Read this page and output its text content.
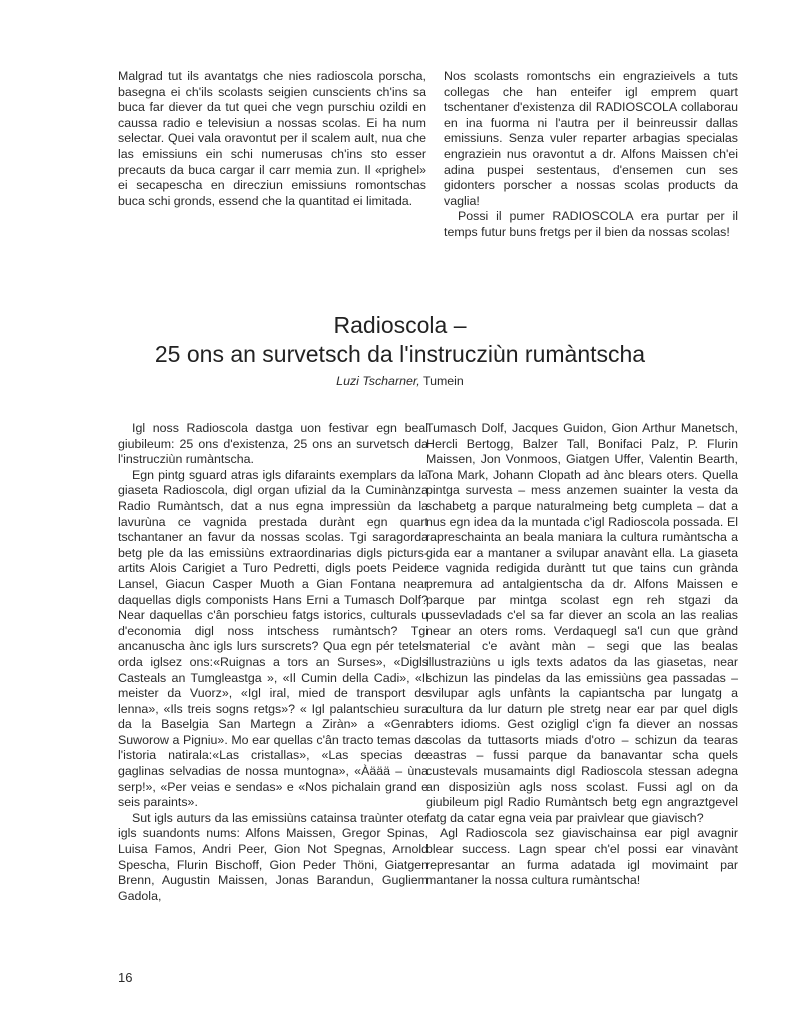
Malgrad tut ils avantatgs che nies radioscola porscha, basegna ei ch'ils scolasts seigien cunscients ch'ins sa buca far diever da tut quei che vegn purschiu ozildi en caussa radio e televisiun a nossas scolas. Ei ha num selectar. Quei vala oravontut per il scalem ault, nua che las emissiuns ein schi numerusas ch'ins sto esser precauts da buca cargar il carr memia zun. Il «prighel» ei secapescha en direcziun emissiuns romontschas buca schi gronds, essend che la quantitad ei limitada.

Nos scolasts romontschs ein engrazieivels a tuts collegas che han enteifer igl emprem quart tschentaner d'existenza dil RADIOSCOLA collaborau en ina fuorma ni l'autra per il beinreussir dallas emissiuns. Senza vuler reparter arbagias specialas engraziein nus oravontut a dr. Alfons Maissen ch'ei adina puspei sestentaus, d'ensemen cun ses gidonters porscher a nossas scolas products da vaglia!

Possi il pumer RADIOSCOLA era purtar per il temps futur buns fretgs per il bien da nossas scolas!

Radioscola –
25 ons an survetsch da l'instrucziùn rumàntscha
Luzi Tscharner, Tumein

Igl noss Radioscola dastga uon festivar egn beal giubileum: 25 ons d'existenza, 25 ons an survetsch da l'instrucziùn rumàntscha.

Egn pintg sguard atras igls difaraints exemplars da la giaseta Radioscola, digl organ ufizial da la Cuminànza Radio Rumàntsch, dat a nus egna impressiùn da la lavurùna ce vagnida prestada durànt egn quart tschantaner an favur da nossas scolas. Tgi saragorda betg ple da las emissiùns extraordinarias digls picturs-artits Alois Carigiet a Turo Pedretti, digls poets Peider Lansel, Giacun Casper Muoth a Gian Fontana near daquellas digls componists Hans Erni a Tumasch Dolf? Near daquellas c'ân porschieu fatgs istorics, culturals u d'economia digl noss intschess rumàntsch? Tgi ancanuscha ànc igls lurs surscrets? Qua egn pér tetels orda iglsez ons:«Ruignas a tors an Surses», «Digls Casteals an Tumgleastga », «Il Cumin della Cadi», «Il meister da Vuorz», «Igl iral, mied de transport de lenna», «Ils treis sogns retgs»? « Igl palantschieu sura da la Baselgia San Martegn a Ziràn» a «Genral Suworow a Pigniu». Mo ear quellas c'ân tracto temas da l'istoria natirala:«Las cristallas», «Las specias de gaglinas selvadias de nossa muntogna», «Àäää – ùna serp!», «Per veias e sendas» e «Nos pichalain grand e seis paraints».

Sut igls auturs da las emissiùns catainsa traùnter oter igls suandonts nums: Alfons Maissen, Gregor Spinas, Luisa Famos, Andri Peer, Gion Not Spegnas, Arnold Spescha, Flurin Bischoff, Gion Peder Thöni, Giatgen Brenn, Augustin Maissen, Jonas Barandun, Gugliem Gadola,

Tumasch Dolf, Jacques Guidon, Gion Arthur Manetsch, Hercli Bertogg, Balzer Tall, Bonifaci Palz, P. Flurin Maissen, Jon Vonmoos, Giatgen Uffer, Valentin Bearth, Tona Mark, Johann Clopath ad ànc blears oters. Quella pintga survesta – mess anzemen suainter la vesta da schabetg a parque naturalmeing betg cumpleta – dat a nus egn idea da la muntada c'igl Radioscola possada. El rapreschainta an beala maniara la cultura rumàntscha a gida ear a mantaner a svilupar anavànt ella. La giaseta ce vagnida redigida duràntt tut que tains cun grànda premura ad antalgientscha da dr. Alfons Maissen e parque par mintga scolast egn reh stgazi da pussevladads c'el sa far diever an scola an las realias near an oters roms. Verdaquegl sa'l cun que grànd material c'e avànt màn – segi que las bealas illustraziùns u igls texts adatos da las giasetas, near schizun las pindelas da las emissiùns gea passadas – svilupar agls unfànts la capiantscha par lungatg a cultura da lur daturn ple stretg near ear par quel digls oters idioms. Gest ozigligl c'ign fa diever an nossas scolas da tuttasorts miads d'otro – schizun da tearas eastras – fussi parque da banavantar scha quels custevals musamaints digl Radioscola stessan adegna an disposiziùn agls noss scolast. Fussi agl on da giubileum pigl Radio Rumàntsch betg egn angraztgevel fatg da catar egna veia par praivlear que giavisch?

Agl Radioscola sez giavischainsa ear pigl avagnir blear success. Lagn spear ch'el possi ear vinavànt represantar an furma adatada igl movimaint par mantaner la nossa cultura rumàntscha!

16
